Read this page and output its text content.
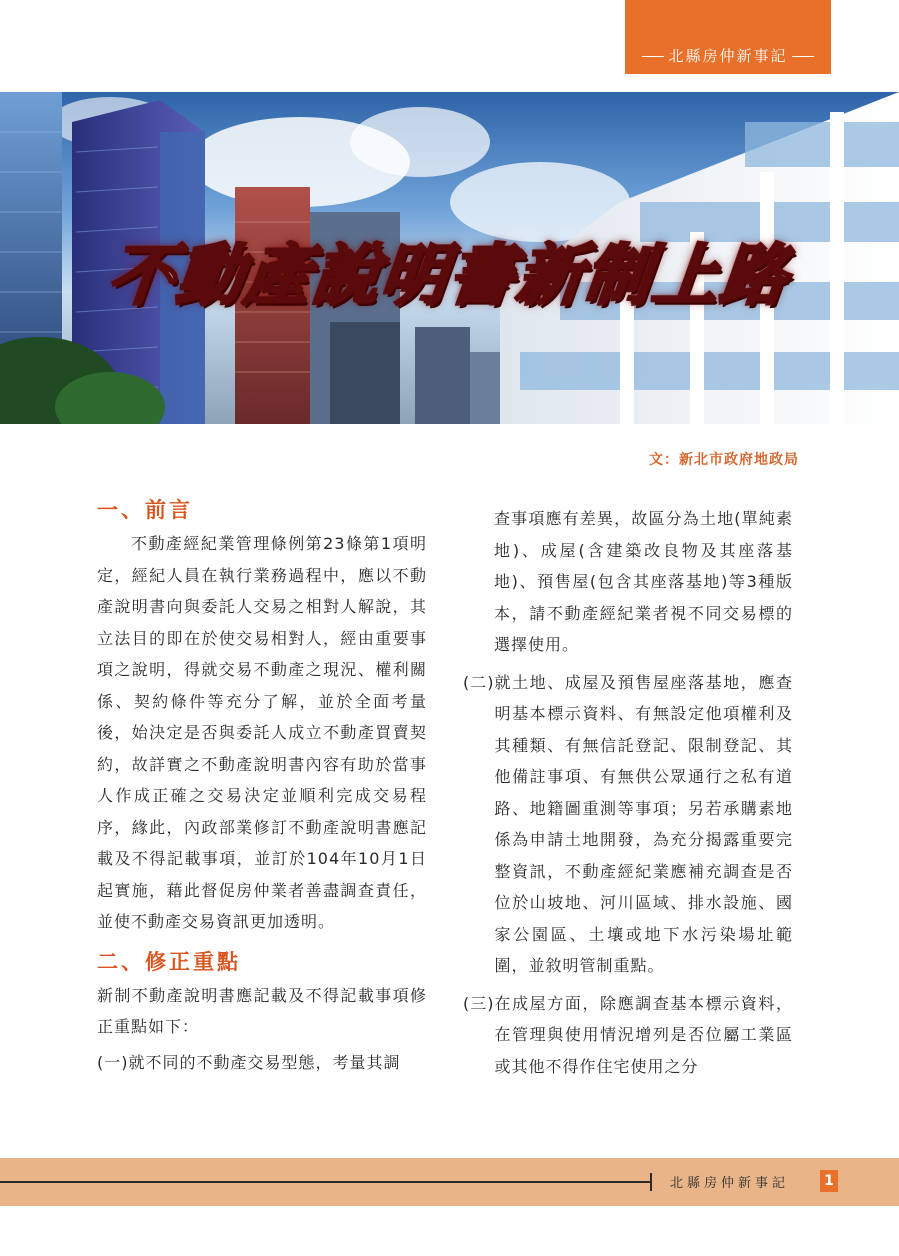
北縣房仲新事記
不動產說明書新制上路
文：新北市政府地政局
一、前言
不動產經紀業管理條例第23條第1項明定，經紀人員在執行業務過程中，應以不動產說明書向與委託人交易之相對人解說，其立法目的即在於使交易相對人，經由重要事項之說明，得就交易不動產之現況、權利關係、契約條件等充分了解，並於全面考量後，始決定是否與委託人成立不動產買賣契約，故詳實之不動產說明書內容有助於當事人作成正確之交易決定並順利完成交易程序，緣此，內政部業修訂不動產說明書應記載及不得記載事項，並訂於104年10月1日起實施，藉此督促房仲業者善盡調查責任，並使不動產交易資訊更加透明。
二、修正重點
新制不動產說明書應記載及不得記載事項修正重點如下：
(一) 就不同的不動產交易型態，考量其調
查事項應有差異，故區分為土地(單純素地)、成屋(含建築改良物及其座落基地)、預售屋(包含其座落基地)等3種版本，請不動產經紀業者視不同交易標的選擇使用。
(二) 就土地、成屋及預售屋座落基地，應查明基本標示資料、有無設定他項權利及其種類、有無信託登記、限制登記、其他備註事項、有無供公眾通行之私有道路、地籍圖重測等事項；另若承購素地係為申請土地開發，為充分揭露重要完整資訊，不動產經紀業應補充調查是否位於山坡地、河川區域、排水設施、國家公園區、土壤或地下水污染場址範圍，並敘明管制重點。
(三) 在成屋方面，除應調查基本標示資料，在管理與使用情況增列是否位屬工業區或其他不得作住宅使用之分
北縣房仲新事記	1
